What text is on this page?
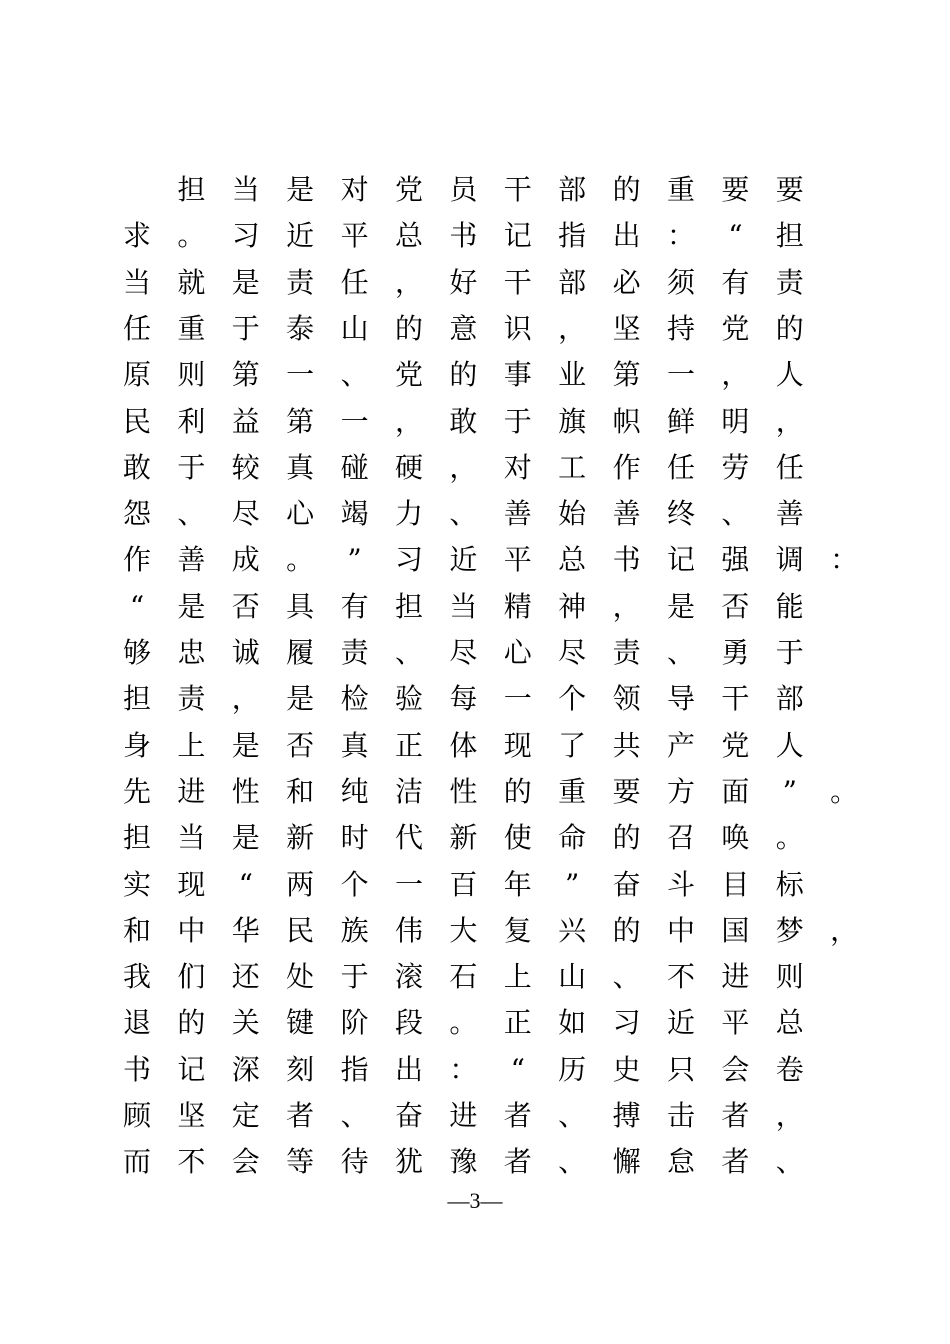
担 当 是 对 党 员 干 部 的 重 要 要
求 。 习 近 平 总 书 记 指 出 ：	“	担
当 就 是 责 任 ， 好 干 部 必 须 有 责
任 重 于 泰 山 的 意 识 ， 坚 持 党 的
原 则 第 一 、 党 的 事 业 第 一 ， 人
民 利 益 第 一 ， 敢 于 旗 帜 鲜 明 ，
敢 于 较 真 碰 硬 ， 对 工 作 任 劳 任
怨 、 尽 心 竭 力 、 善 始 善 终 、 善
作 善 成 。	”	习 近 平 总 书 记 强 调 ：
“	是 否 具 有 担 当 精 神 ， 是 否 能
够 忠 诚 履 责 、 尽 心 尽 责 、 勇 于
担 责 ， 是 检 验 每 一 个 领 导 干 部
身 上 是 否 真 正 体 现 了 共 产 党 人
先 进 性 和 纯 洁 性 的 重 要 方 面	”	。
担 当 是 新 时 代 新 使 命 的 召 唤 。
实 现	“	两 个 一 百 年	”	奋 斗 目 标
和 中 华 民 族 伟 大 复 兴 的 中 国 梦 ，
我 们 还 处 于 滚 石 上 山 、 不 进 则
退 的 关 键 阶 段 。 正 如 习 近 平 总
书 记 深 刻 指 出 ：	“	历 史 只 会 卷
顾 坚 定 者 、 奋 进 者 、 搏 击 者 ，
而 不 会 等 待 犹 豫 者 、 懈 怠 者 、
—3—
